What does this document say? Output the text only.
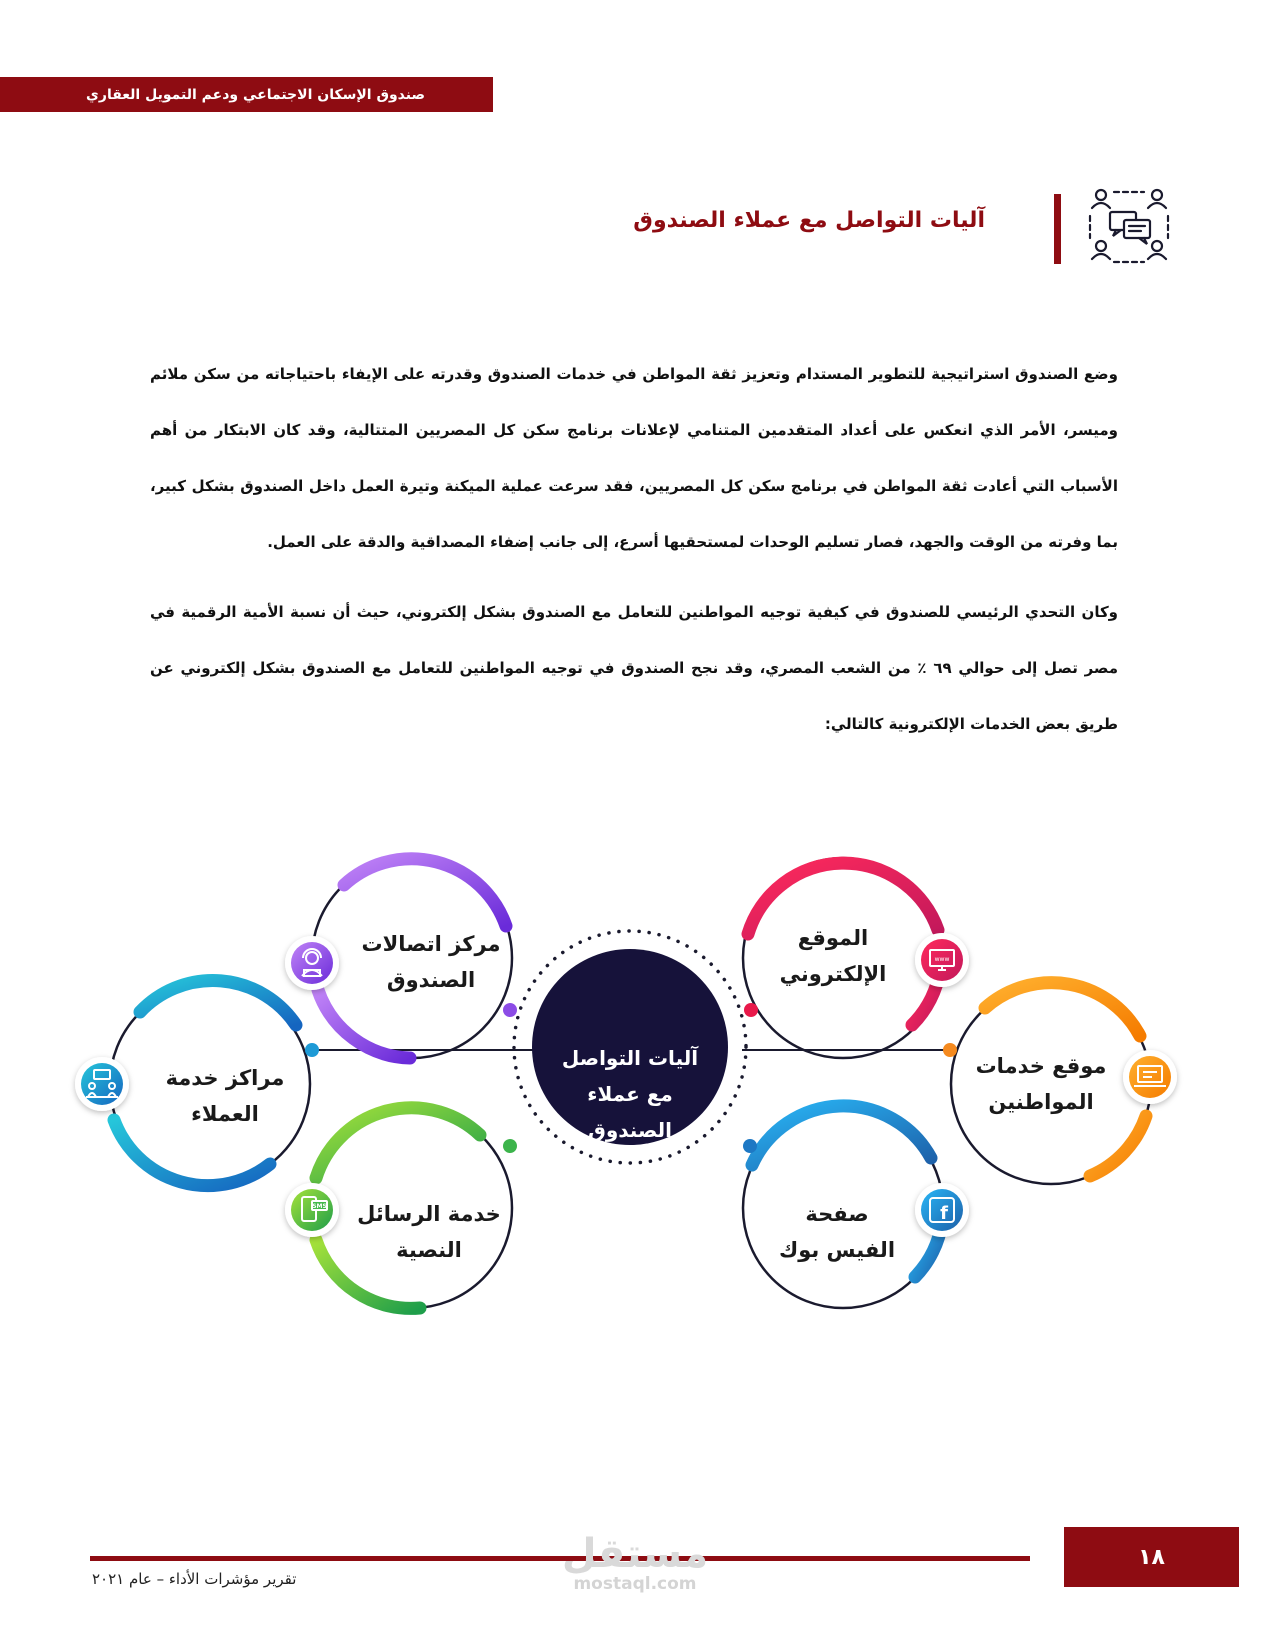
صندوق الإسكان الاجتماعي ودعم التمويل العقاري
آليات التواصل مع عملاء الصندوق

وضع الصندوق استراتيجية للتطوير المستدام وتعزيز ثقة المواطن في خدمات الصندوق وقدرته على الإيفاء باحتياجاته من سكن ملائم وميسر، الأمر الذي انعكس على أعداد المتقدمين المتنامي لإعلانات برنامج سكن كل المصريين المتتالية، وقد كان الابتكار من أهم الأسباب التي أعادت ثقة المواطن في برنامج سكن كل المصريين، فقد سرعت عملية الميكنة وتيرة العمل داخل الصندوق بشكل كبير، بما وفرته من الوقت والجهد، فصار تسليم الوحدات لمستحقيها أسرع، إلى جانب إضفاء المصداقية والدقة على العمل.

وكان التحدي الرئيسي للصندوق في كيفية توجيه المواطنين للتعامل مع الصندوق بشكل إلكتروني، حيث أن نسبة الأمية الرقمية في مصر تصل إلى حوالي ٦٩ ٪ من الشعب المصري، وقد نجح الصندوق في توجيه المواطنين للتعامل مع الصندوق بشكل إلكتروني عن طريق بعض الخدمات الإلكترونية كالتالي:

www
f
SMS
آليات التواصل
مع عملاء
الصندوق
الموقع
الإلكتروني
موقع خدمات
المواطنين
صفحة
الفيس بوك
مركز اتصالات
الصندوق
مراكز خدمة
العملاء
خدمة الرسائل
النصية
١٨
تقرير مؤشرات الأداء – عام ٢٠٢١
مستقل
mostaql.com
